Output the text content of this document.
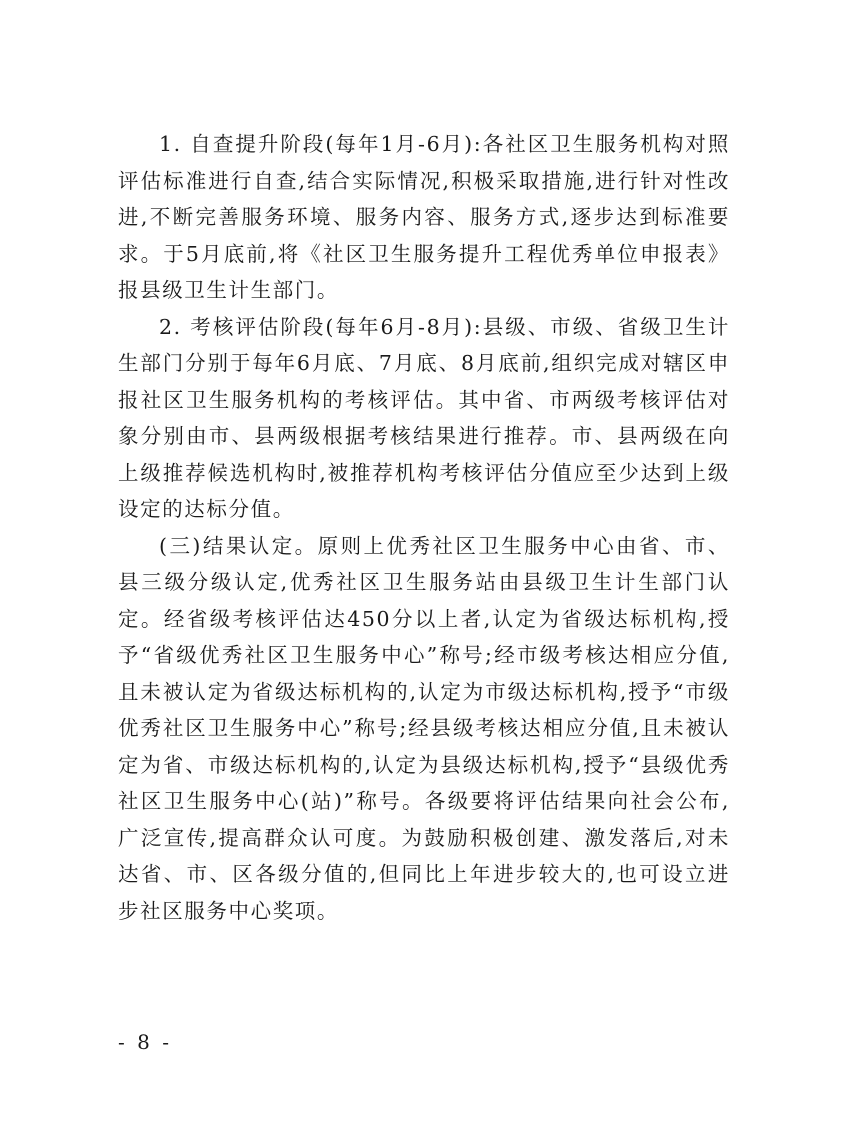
1. 自查提升阶段(每年1月-6月):各社区卫生服务机构对照评估标准进行自查,结合实际情况,积极采取措施,进行针对性改进,不断完善服务环境、服务内容、服务方式,逐步达到标准要求。于5月底前,将《社区卫生服务提升工程优秀单位申报表》报县级卫生计生部门。

2. 考核评估阶段(每年6月-8月):县级、市级、省级卫生计生部门分别于每年6月底、7月底、8月底前,组织完成对辖区申报社区卫生服务机构的考核评估。其中省、市两级考核评估对象分别由市、县两级根据考核结果进行推荐。市、县两级在向上级推荐候选机构时,被推荐机构考核评估分值应至少达到上级设定的达标分值。

(三)结果认定。原则上优秀社区卫生服务中心由省、市、县三级分级认定,优秀社区卫生服务站由县级卫生计生部门认定。经省级考核评估达450分以上者,认定为省级达标机构,授予“省级优秀社区卫生服务中心”称号;经市级考核达相应分值,且未被认定为省级达标机构的,认定为市级达标机构,授予“市级优秀社区卫生服务中心”称号;经县级考核达相应分值,且未被认定为省、市级达标机构的,认定为县级达标机构,授予“县级优秀社区卫生服务中心(站)”称号。各级要将评估结果向社会公布,广泛宣传,提高群众认可度。为鼓励积极创建、激发落后,对未达省、市、区各级分值的,但同比上年进步较大的,也可设立进步社区服务中心奖项。

- 8 -
